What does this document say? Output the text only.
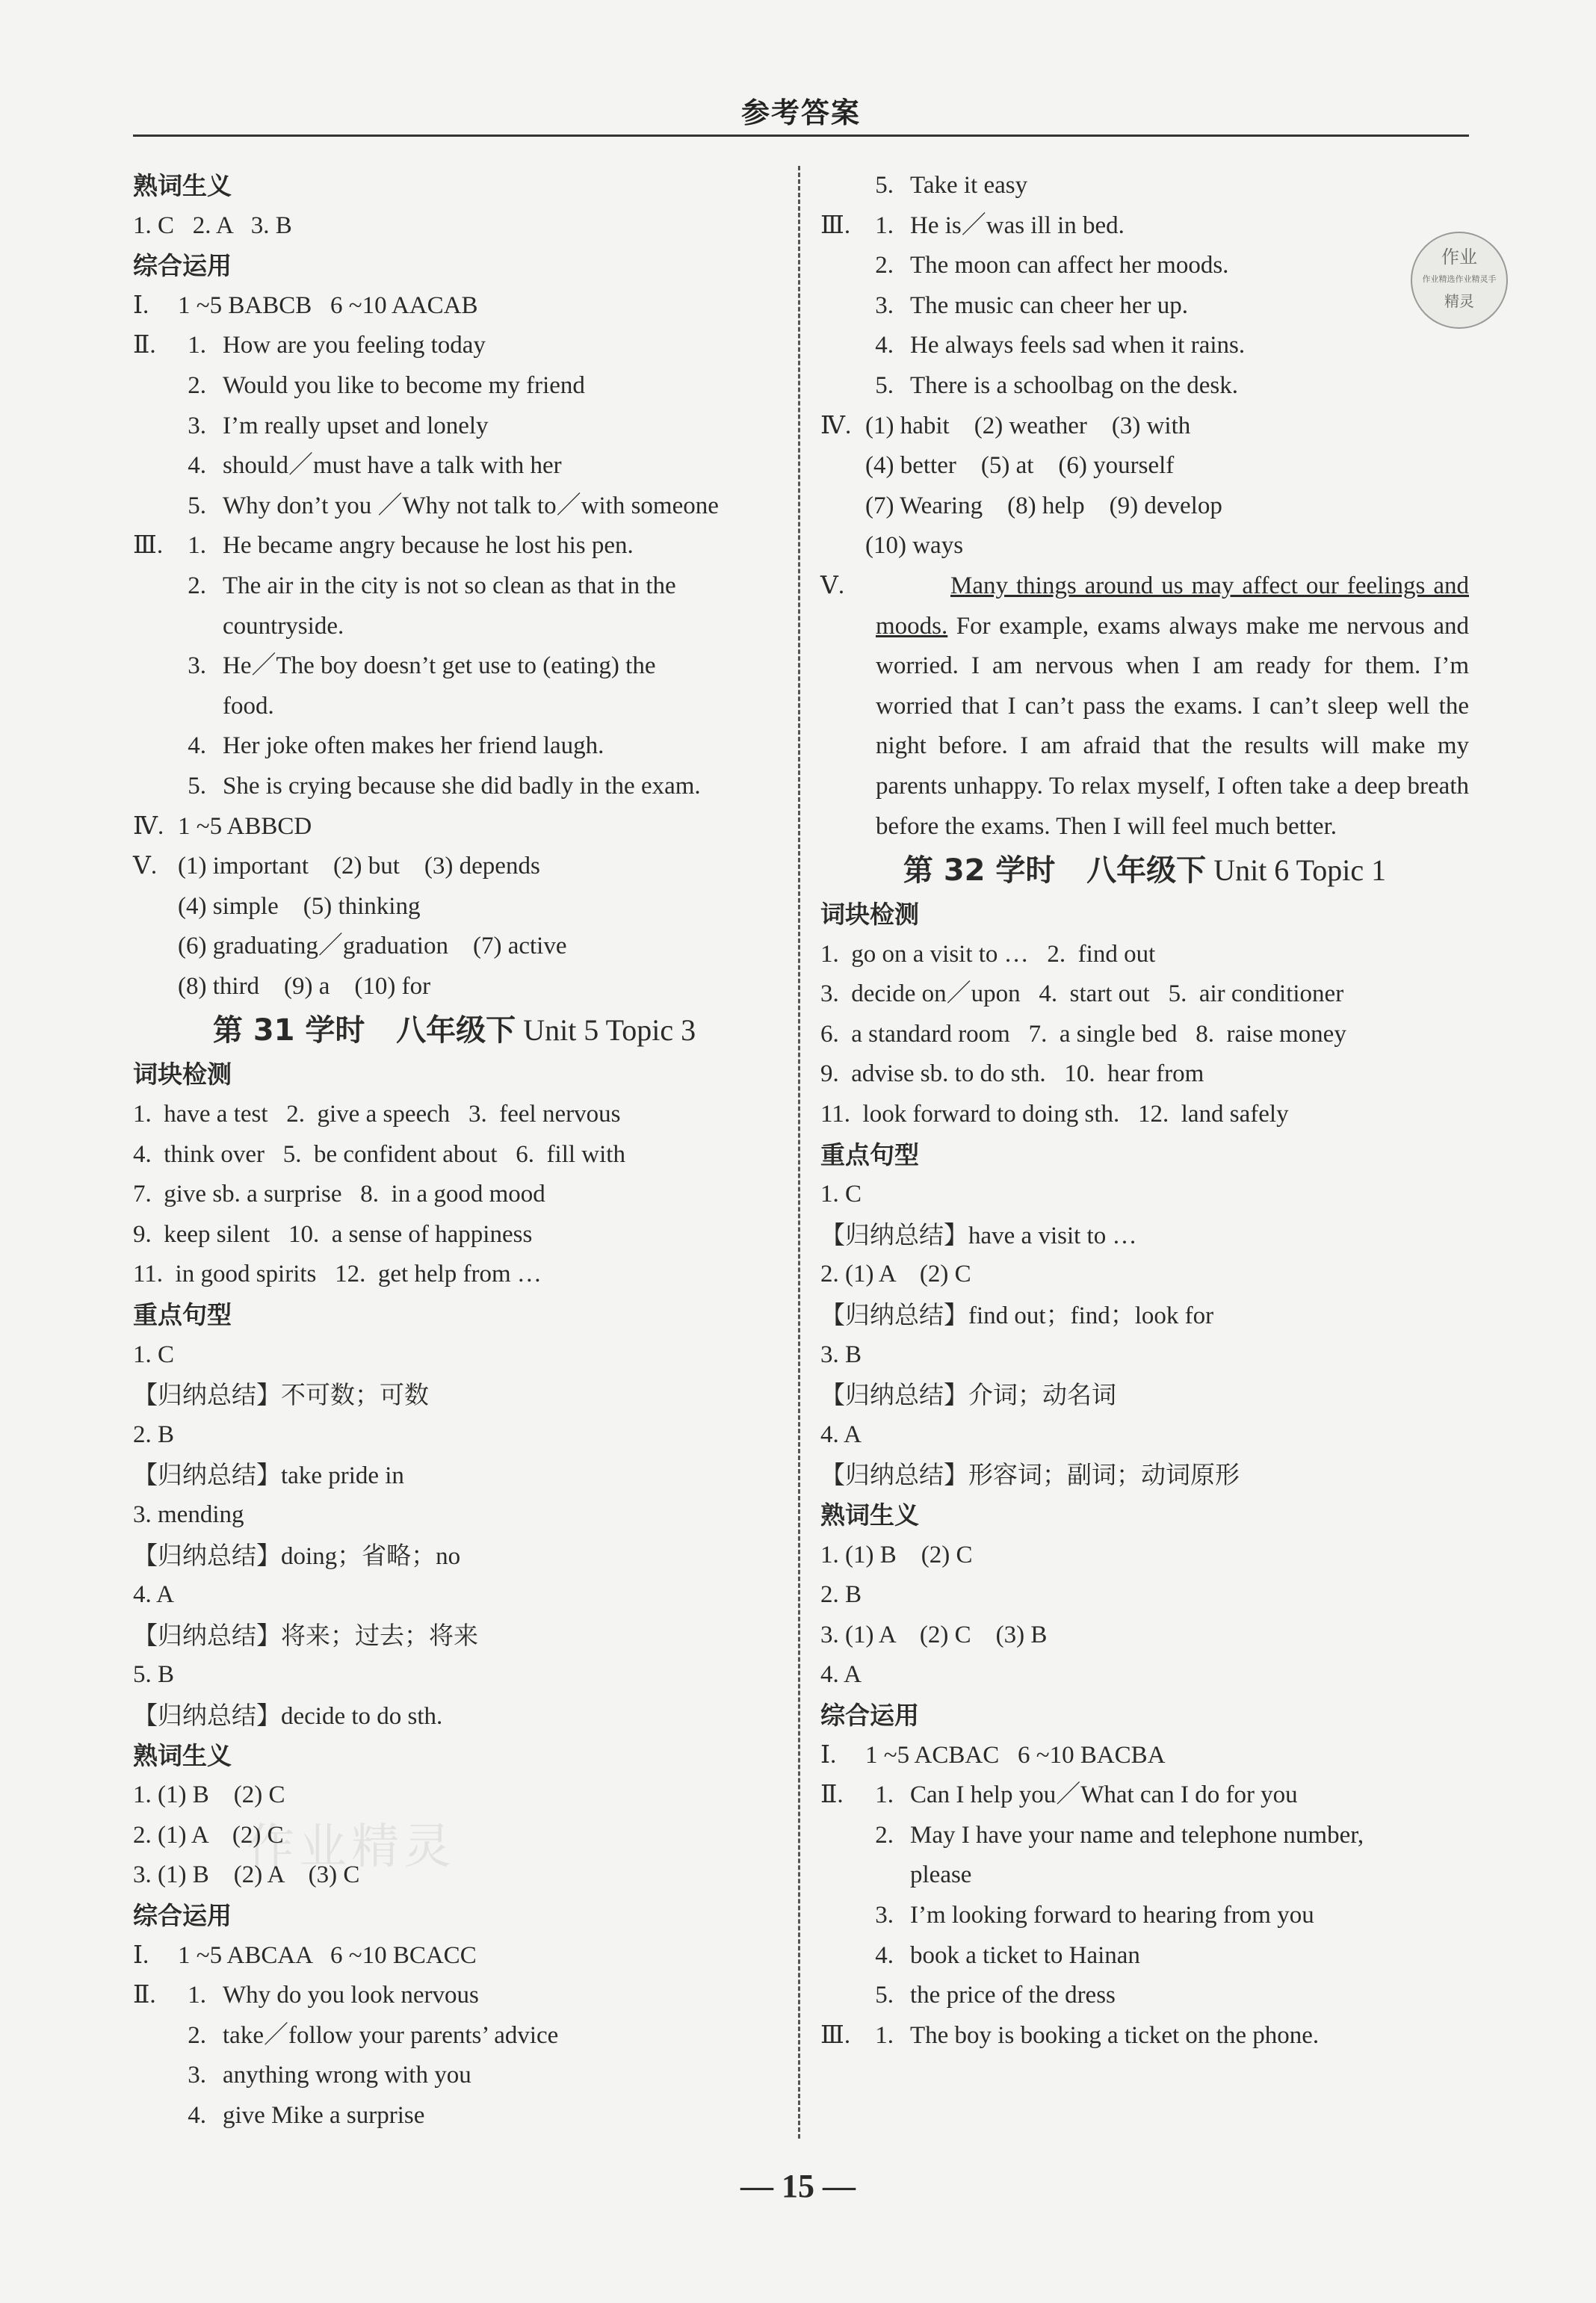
参考答案
作业
作业精选作业精灵手
精灵
作业精灵
熟词生义
1. C   2. A   3. B
综合运用
Ⅰ. 1 ~5 BABCB   6 ~10 AACAB
Ⅱ. 1. How are you feeling today
2. Would you like to become my friend
3. I’m really upset and lonely
4. should／must have a talk with her
5. Why don’t you ／Why not talk to／with someone
Ⅲ. 1. He became angry because he lost his pen.
2. The air in the city is not so clean as that in the
countryside.
3. He／The boy doesn’t get use to (eating) the
food.
4. Her joke often makes her friend laugh.
5. She is crying because she did badly in the exam.
Ⅳ. 1 ~5 ABBCD
Ⅴ. (1) important    (2) but    (3) depends
(4) simple    (5) thinking
(6) graduating／graduation    (7) active
(8) third    (9) a    (10) for
第 31 学时   八年级下 Unit 5 Topic 3
词块检测
1.  have a test   2.  give a speech   3.  feel nervous
4.  think over   5.  be confident about   6.  fill with
7.  give sb. a surprise   8.  in a good mood
9.  keep silent   10.  a sense of happiness
11.  in good spirits   12.  get help from …
重点句型
1. C
【归纳总结】不可数；可数
2. B
【归纳总结】take pride in
3. mending
【归纳总结】doing；省略；no
4. A
【归纳总结】将来；过去；将来
5. B
【归纳总结】decide to do sth.
熟词生义
1. (1) B    (2) C
2. (1) A    (2) C
3. (1) B    (2) A    (3) C
综合运用
Ⅰ. 1 ~5 ABCAA   6 ~10 BCACC
Ⅱ. 1. Why do you look nervous
2. take／follow your parents’ advice
3. anything wrong with you
4. give Mike a surprise
5. Take it easy
Ⅲ. 1. He is／was ill in bed.
2. The moon can affect her moods.
3. The music can cheer her up.
4. He always feels sad when it rains.
5. There is a schoolbag on the desk.
Ⅳ. (1) habit    (2) weather    (3) with
(4) better    (5) at    (6) yourself
(7) Wearing    (8) help    (9) develop
(10) ways
Ⅴ.	Many things around us may affect our feelings and moods. For example, exams always make me nervous and worried. I am nervous when I am ready for them. I’m worried that I can’t pass the exams. I can’t sleep well the night before. I am afraid that the results will make my parents unhappy. To relax myself, I often take a deep breath before the exams. Then I will feel much better.
第 32 学时   八年级下 Unit 6 Topic 1
词块检测
1.  go on a visit to …   2.  find out
3.  decide on／upon   4.  start out   5.  air conditioner
6.  a standard room   7.  a single bed   8.  raise money
9.  advise sb. to do sth.   10.  hear from
11.  look forward to doing sth.   12.  land safely
重点句型
1. C
【归纳总结】have a visit to …
2. (1) A    (2) C
【归纳总结】find out；find；look for
3. B
【归纳总结】介词；动名词
4. A
【归纳总结】形容词；副词；动词原形
熟词生义
1. (1) B    (2) C
2. B
3. (1) A    (2) C    (3) B
4. A
综合运用
Ⅰ. 1 ~5 ACBAC   6 ~10 BACBA
Ⅱ. 1. Can I help you／What can I do for you
2. May I have your name and telephone number,
please
3. I’m looking forward to hearing from you
4. book a ticket to Hainan
5. the price of the dress
Ⅲ. 1. The boy is booking a ticket on the phone.
— 15 —
